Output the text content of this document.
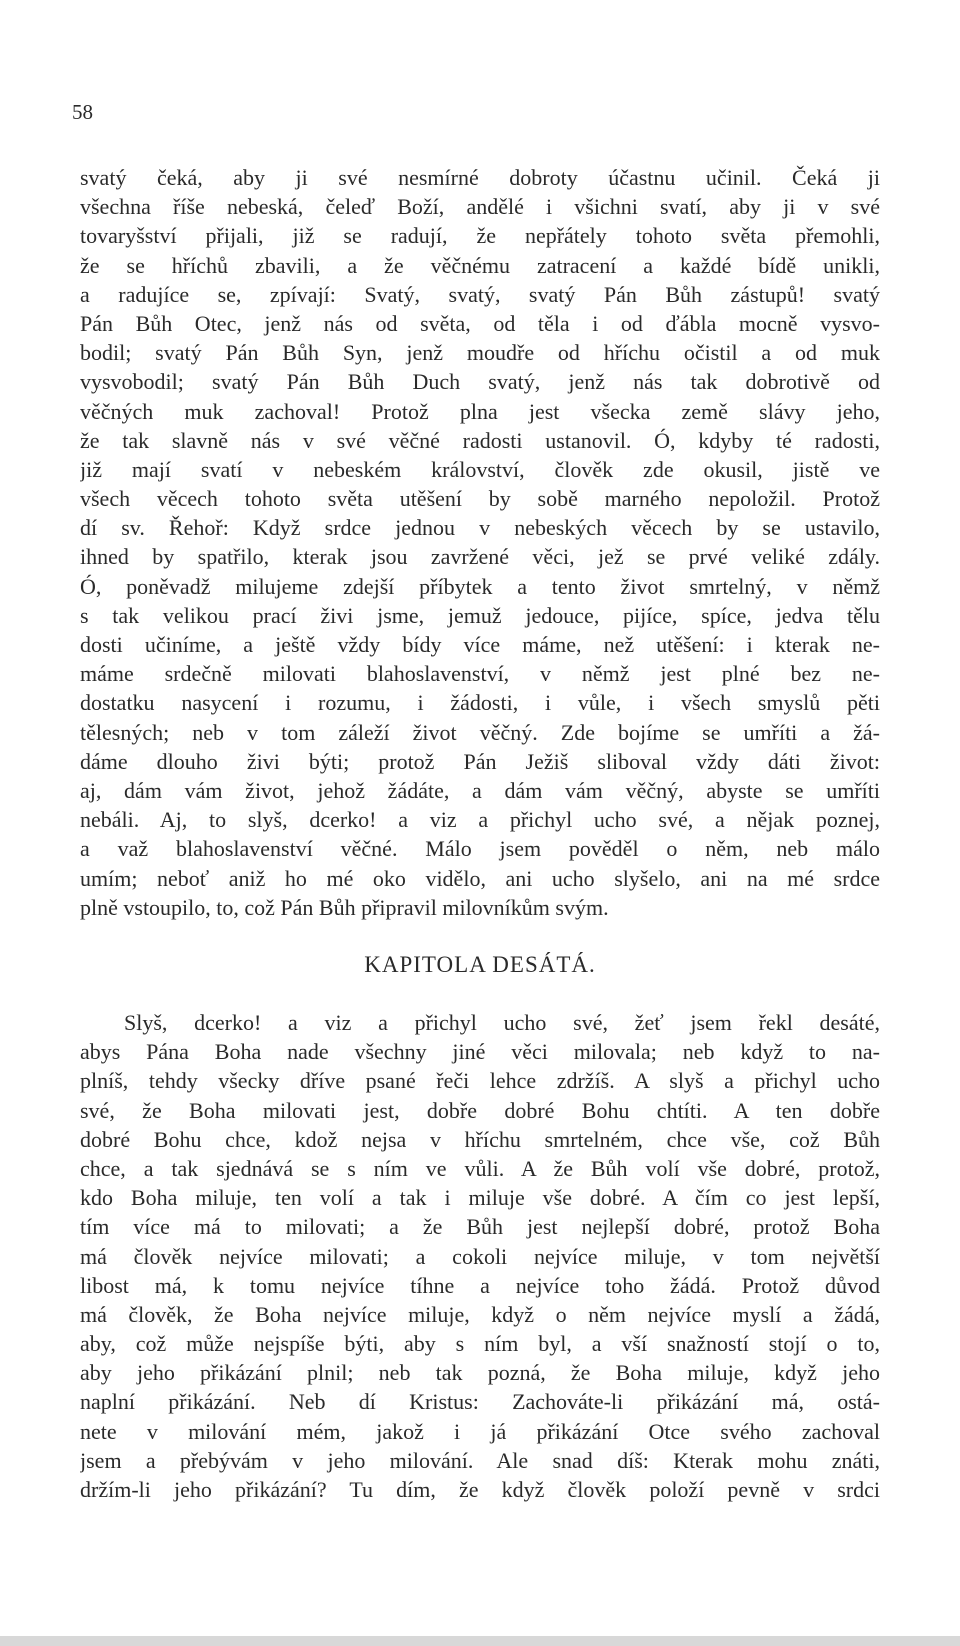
58

svatý čeká, aby ji své nesmírné dobroty účastnu učinil. Čeká ji
všechna říše nebeská, čeleď Boží, andělé i všichni svatí, aby ji v své
tovaryšství přijali, již se radují, že nepřátely tohoto světa přemohli,
že se hříchů zbavili, a že věčnému zatracení a každé bídě unikli,
a radujíce se, zpívají: Svatý, svatý, svatý Pán Bůh zástupů! svatý
Pán Bůh Otec, jenž nás od světa, od těla i od ďábla mocně vysvo-
bodil; svatý Pán Bůh Syn, jenž moudře od hříchu očistil a od muk
vysvobodil; svatý Pán Bůh Duch svatý, jenž nás tak dobrotivě od
věčných muk zachoval! Protož plna jest všecka země slávy jeho,
že tak slavně nás v své věčné radosti ustanovil. Ó, kdyby té radosti,
již mají svatí v nebeském království, člověk zde okusil, jistě ve
všech věcech tohoto světa utěšení by sobě marného nepoložil. Protož
dí sv. Řehoř: Když srdce jednou v nebeských věcech by se ustavilo,
ihned by spatřilo, kterak jsou zavržené věci, jež se prvé veliké zdály.
Ó, poněvadž milujeme zdejší příbytek a tento život smrtelný, v němž
s tak velikou prací živi jsme, jemuž jedouce, pijíce, spíce, jedva tělu
dosti učiníme, a ještě vždy bídy více máme, než utěšení: i kterak ne-
máme srdečně milovati blahoslavenství, v němž jest plné bez ne-
dostatku nasycení i rozumu, i žádosti, i vůle, i všech smyslů pěti
tělesných; neb v tom záleží život věčný. Zde bojíme se umříti a žá-
dáme dlouho živi býti; protož Pán Ježiš sliboval vždy dáti život:
aj, dám vám život, jehož žádáte, a dám vám věčný, abyste se umříti
nebáli. Aj, to slyš, dcerko! a viz a přichyl ucho své, a nějak poznej,
a važ blahoslavenství věčné. Málo jsem pověděl o něm, neb málo
umím; neboť aniž ho mé oko vidělo, ani ucho slyšelo, ani na mé srdce
plně vstoupilo, to, což Pán Bůh připravil milovníkům svým.
KAPITOLA DESÁTÁ.
Slyš, dcerko! a viz a přichyl ucho své, žeť jsem řekl desáté,
abys Pána Boha nade všechny jiné věci milovala; neb když to na-
plníš, tehdy všecky dříve psané řeči lehce zdržíš. A slyš a přichyl ucho
své, že Boha milovati jest, dobře dobré Bohu chtíti. A ten dobře
dobré Bohu chce, kdož nejsa v hříchu smrtelném, chce vše, což Bůh
chce, a tak sjednává se s ním ve vůli. A že Bůh volí vše dobré, protož,
kdo Boha miluje, ten volí a tak i miluje vše dobré. A čím co jest lepší,
tím více má to milovati; a že Bůh jest nejlepší dobré, protož Boha
má člověk nejvíce milovati; a cokoli nejvíce miluje, v tom největší
libost má, k tomu nejvíce tíhne a nejvíce toho žádá. Protož důvod
má člověk, že Boha nejvíce miluje, když o něm nejvíce myslí a žádá,
aby, což může nejspíše býti, aby s ním byl, a vší snažností stojí o to,
aby jeho přikázání plnil; neb tak pozná, že Boha miluje, když jeho
naplní přikázání. Neb dí Kristus: Zachováte-li přikázání má, ostá-
nete v milování mém, jakož i já přikázání Otce svého zachoval
jsem a přebývám v jeho milování. Ale snad díš: Kterak mohu znáti,
držím-li jeho přikázání? Tu dím, že když člověk položí pevně v srdci
